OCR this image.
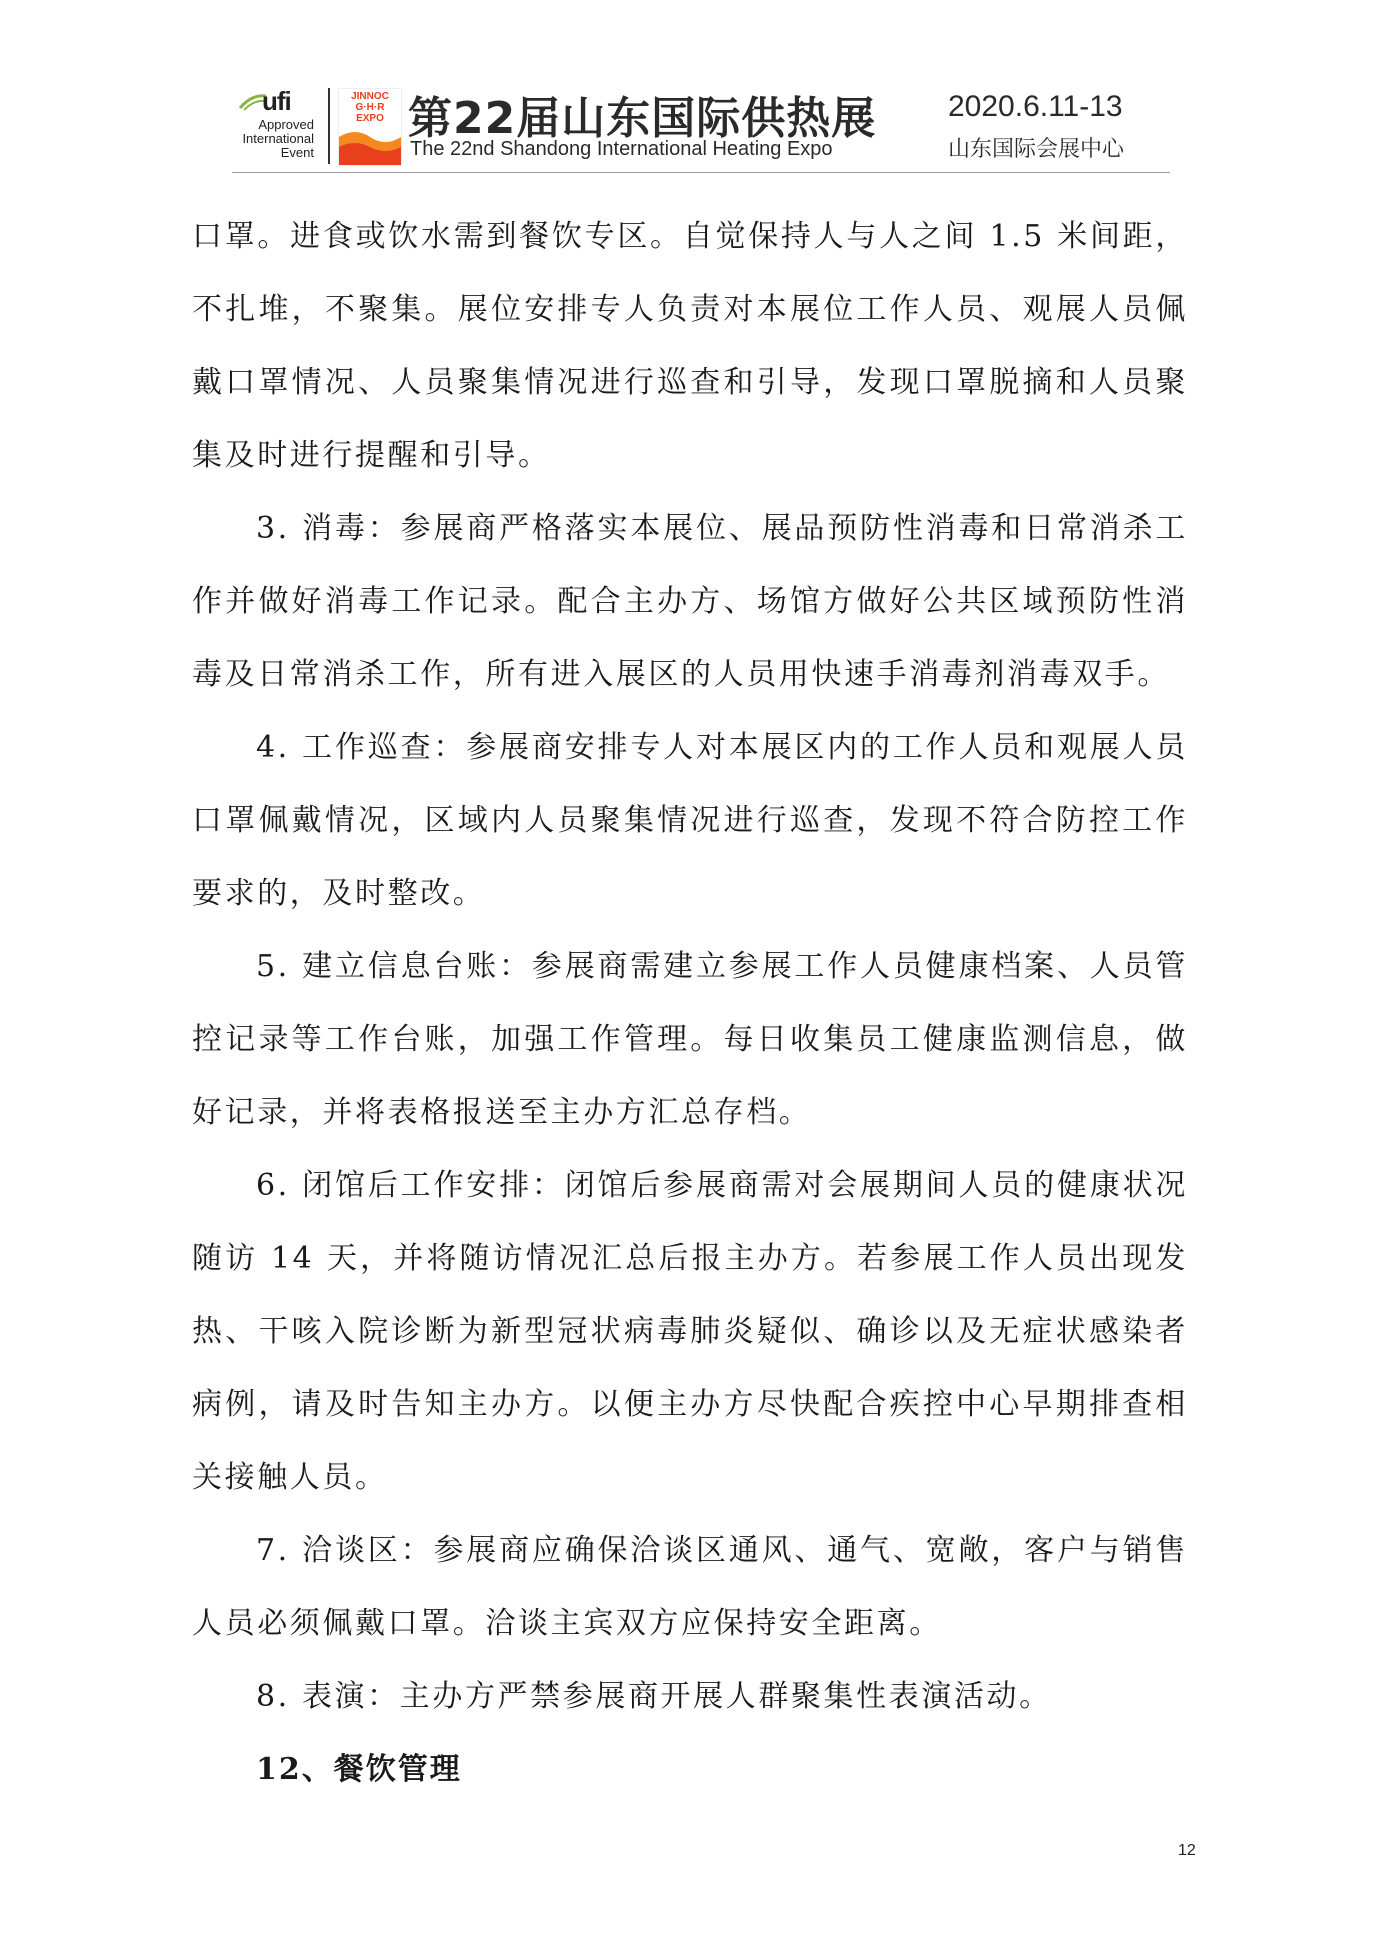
ufi
Approved
International
Event
JINNOC
G·H·R
EXPO 第22届山东国际供热展
The 22nd Shandong International Heating Expo
2020.6.11-13
山东国际会展中心

口罩。进食或饮水需到餐饮专区。自觉保持人与人之间 1.5 米间距，不扎堆，不聚集。展位安排专人负责对本展位工作人员、观展人员佩戴口罩情况、人员聚集情况进行巡查和引导，发现口罩脱摘和人员聚集及时进行提醒和引导。

3. 消毒：参展商严格落实本展位、展品预防性消毒和日常消杀工作并做好消毒工作记录。配合主办方、场馆方做好公共区域预防性消毒及日常消杀工作，所有进入展区的人员用快速手消毒剂消毒双手。

4. 工作巡查：参展商安排专人对本展区内的工作人员和观展人员口罩佩戴情况，区域内人员聚集情况进行巡查，发现不符合防控工作要求的，及时整改。

5. 建立信息台账：参展商需建立参展工作人员健康档案、人员管控记录等工作台账，加强工作管理。每日收集员工健康监测信息，做好记录，并将表格报送至主办方汇总存档。

6. 闭馆后工作安排：闭馆后参展商需对会展期间人员的健康状况随访 14 天，并将随访情况汇总后报主办方。若参展工作人员出现发热、干咳入院诊断为新型冠状病毒肺炎疑似、确诊以及无症状感染者病例，请及时告知主办方。以便主办方尽快配合疾控中心早期排查相关接触人员。

7. 洽谈区：参展商应确保洽谈区通风、通气、宽敞，客户与销售人员必须佩戴口罩。洽谈主宾双方应保持安全距离。

8. 表演：主办方严禁参展商开展人群聚集性表演活动。

12、餐饮管理

12
